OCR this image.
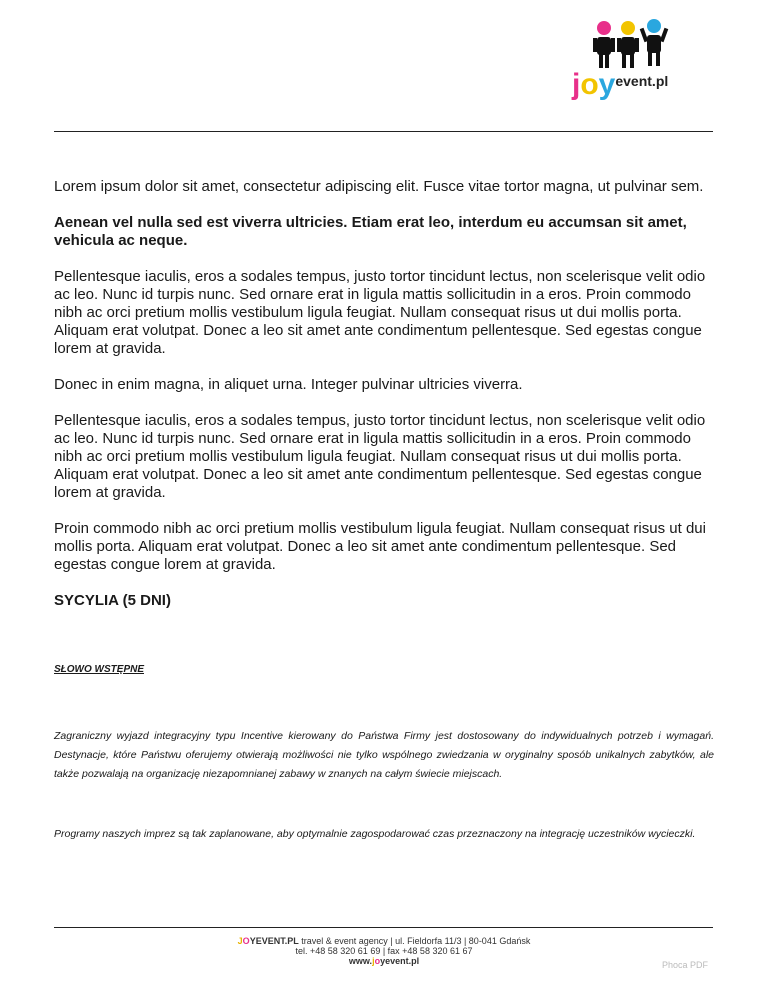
joyevent.pl

Lorem ipsum dolor sit amet, consectetur adipiscing elit. Fusce vitae tortor magna, ut pulvinar sem.

Aenean vel nulla sed est viverra ultricies. Etiam erat leo, interdum eu accumsan sit amet, vehicula ac neque.

Pellentesque iaculis, eros a sodales tempus, justo tortor tincidunt lectus, non scelerisque velit odio ac leo. Nunc id turpis nunc. Sed ornare erat in ligula mattis sollicitudin in a eros. Proin commodo nibh ac orci pretium mollis vestibulum ligula feugiat. Nullam consequat risus ut dui mollis porta. Aliquam erat volutpat. Donec a leo sit amet ante condimentum pellentesque. Sed egestas congue lorem at gravida.

Donec in enim magna, in aliquet urna. Integer pulvinar ultricies viverra.

Pellentesque iaculis, eros a sodales tempus, justo tortor tincidunt lectus, non scelerisque velit odio ac leo. Nunc id turpis nunc. Sed ornare erat in ligula mattis sollicitudin in a eros. Proin commodo nibh ac orci pretium mollis vestibulum ligula feugiat. Nullam consequat risus ut dui mollis porta. Aliquam erat volutpat. Donec a leo sit amet ante condimentum pellentesque. Sed egestas congue lorem at gravida.

Proin commodo nibh ac orci pretium mollis vestibulum ligula feugiat. Nullam consequat risus ut dui mollis porta. Aliquam erat volutpat. Donec a leo sit amet ante condimentum pellentesque. Sed egestas congue lorem at gravida.

SYCYLIA (5 DNI)

SŁOWO WSTĘPNE

Zagraniczny wyjazd integracyjny typu Incentive kierowany do Państwa Firmy jest dostosowany do indywidualnych potrzeb i wymagań. Destynacje, które Państwu oferujemy otwierają możliwości nie tylko wspólnego zwiedzania w oryginalny sposób unikalnych zabytków, ale także pozwalają na organizację niezapomnianej zabawy w znanych na całym świecie miejscach.

Programy naszych imprez są tak zaplanowane, aby optymalnie zagospodarować czas przeznaczony na integrację uczestników wycieczki.

JOYEVENT.PL travel & event agency | ul. Fieldorfa 11/3 | 80-041 Gdańsk
tel. +48 58 320 61 69 | fax +48 58 320 61 67
www.joyevent.pl	Phoca PDF
